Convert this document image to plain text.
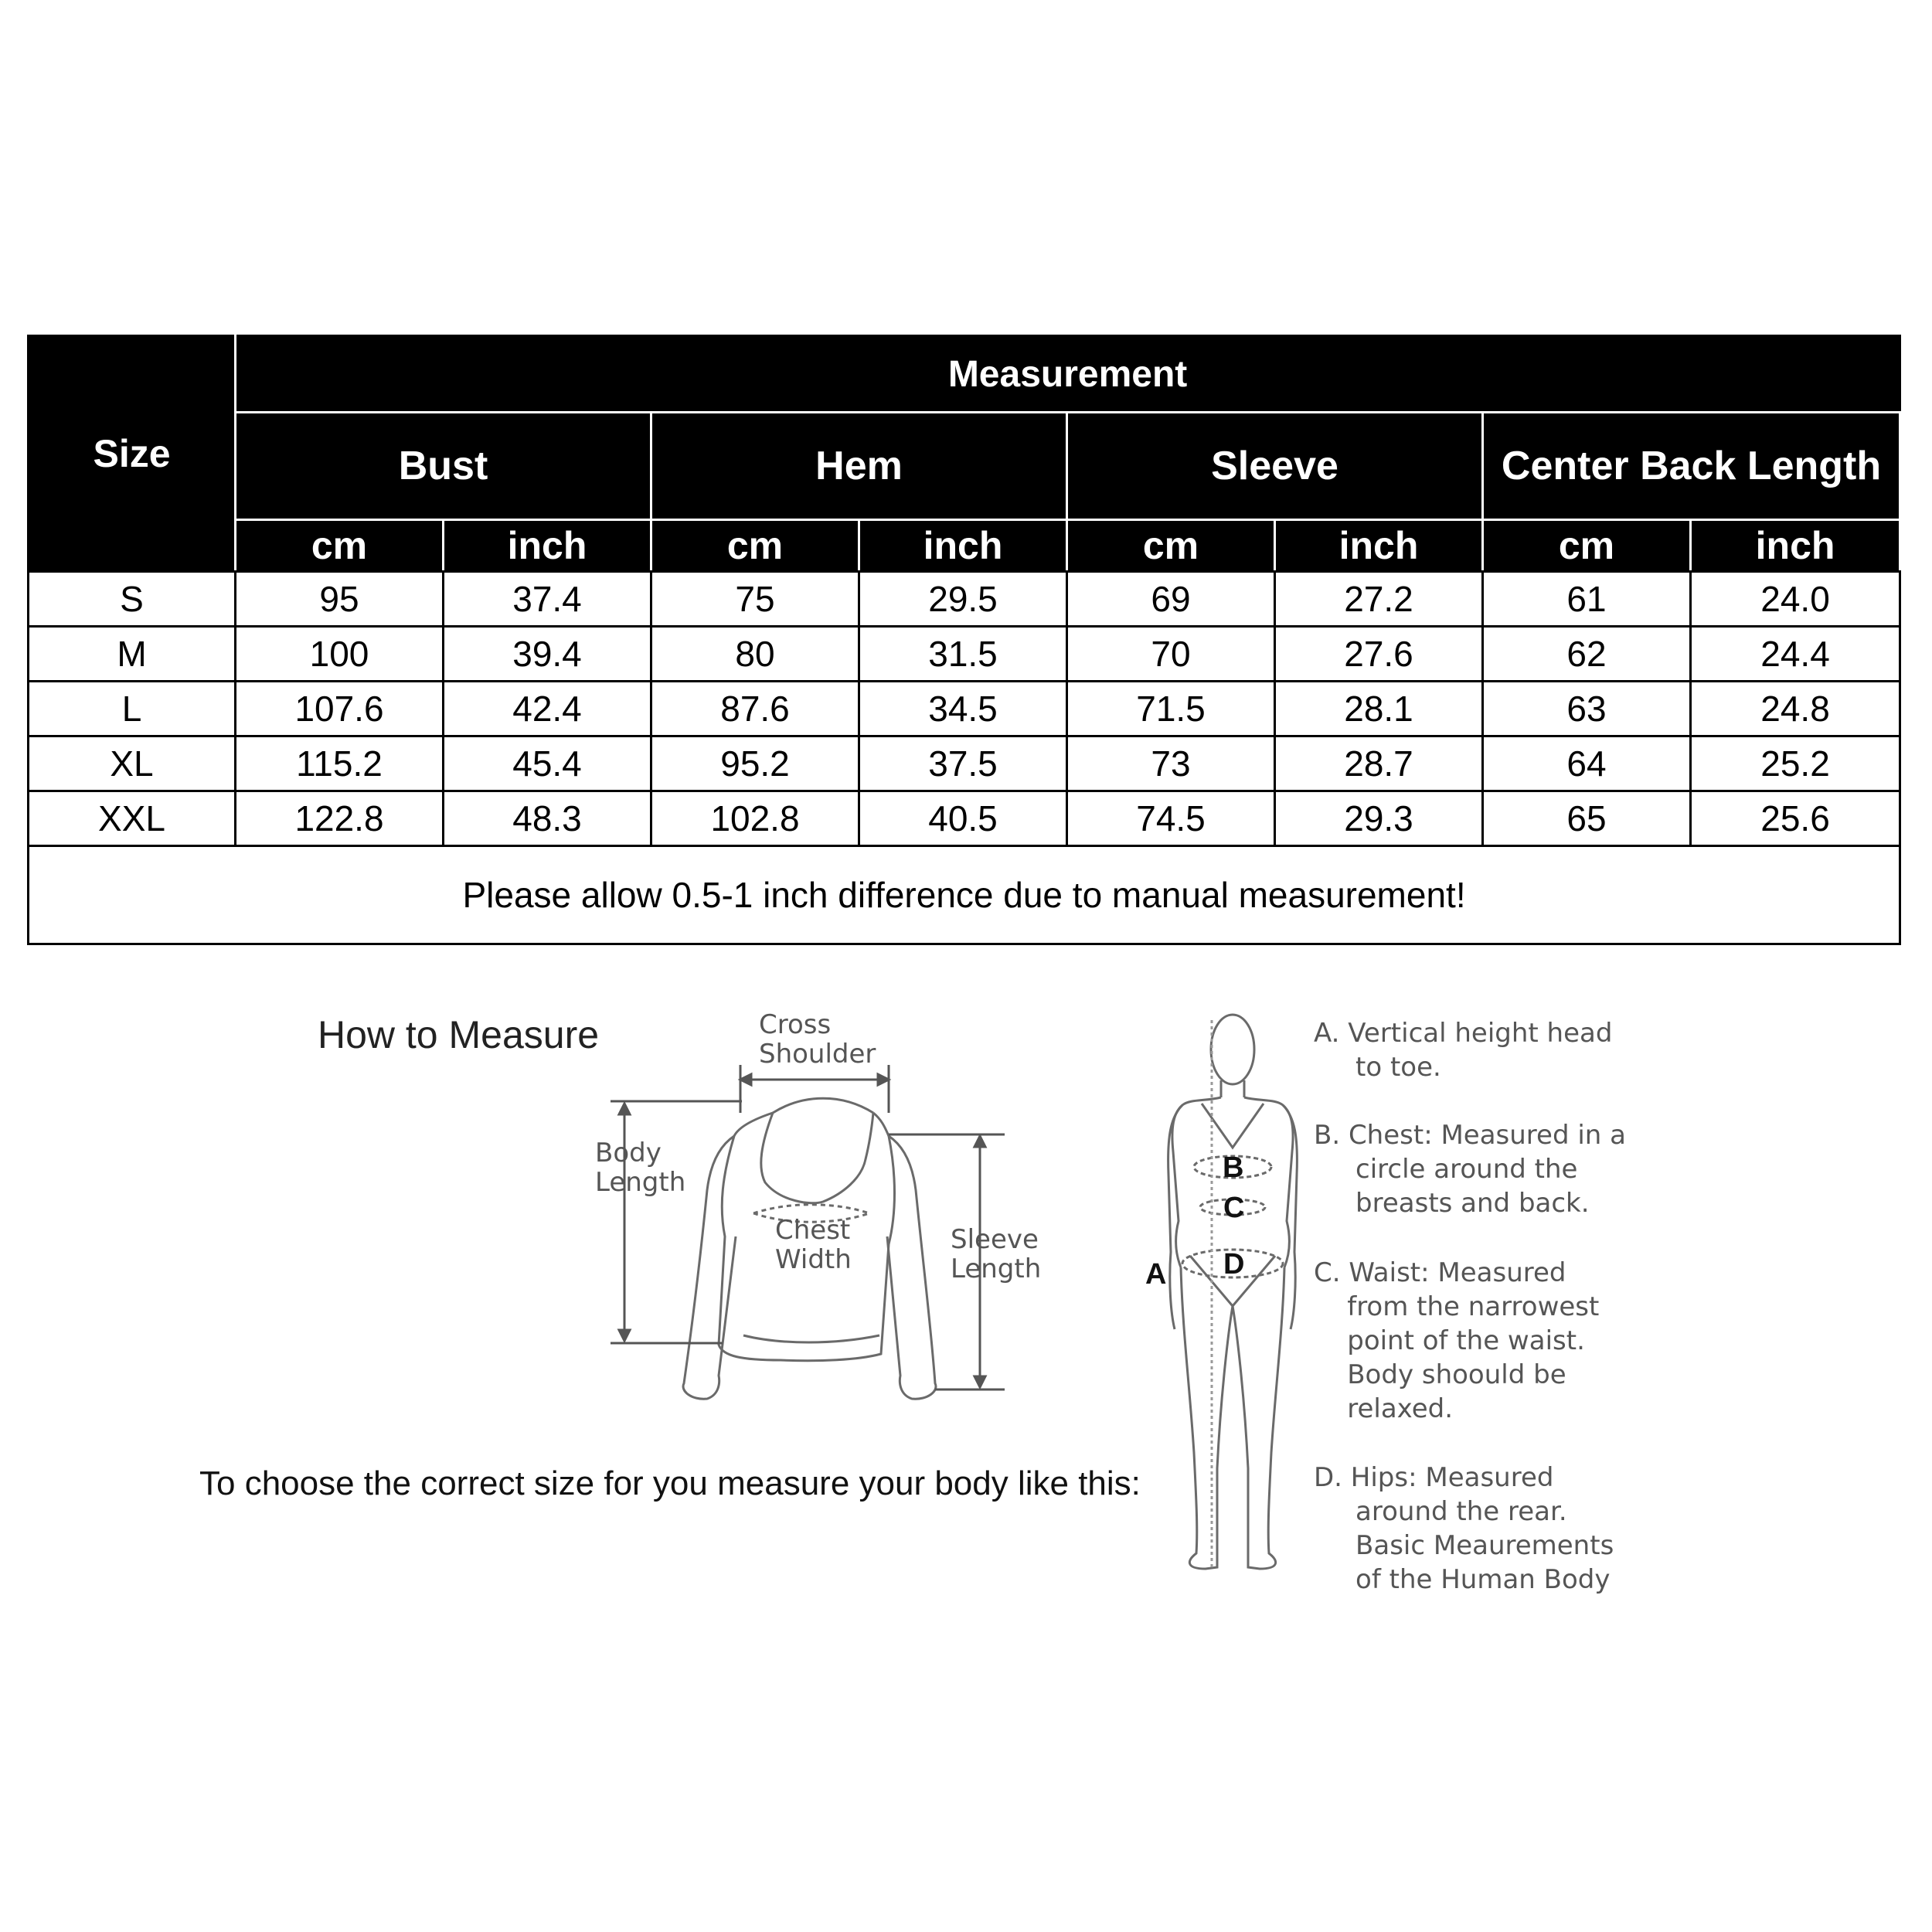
Size	Measurement							
	Bust		Hem		Sleeve		Center Back Length	
	cm	inch	cm	inch	cm	inch	cm	inch
S	95	37.4	75	29.5	69	27.2	61	24.0
M	100	39.4	80	31.5	70	27.6	62	24.4
L	107.6	42.4	87.6	34.5	71.5	28.1	63	24.8
XL	115.2	45.4	95.2	37.5	73	28.7	64	25.2
XXL	122.8	48.3	102.8	40.5	74.5	29.3	65	25.6
Please allow 0.5-1 inch difference due to manual measurement!								
How to Measure
To choose the correct size for you measure your body like this:
Cross
Shoulder
Body
Length
Chest
Width
Sleeve
Length
B
C
D
A
A. Vertical height head
to toe.
B. Chest: Measured in a
circle around the
breasts and back.
C. Waist: Measured
from the narrowest
point of the waist.
Body shoould be
relaxed.
D. Hips: Measured
around the rear.
Basic Meaurements
of the Human Body
